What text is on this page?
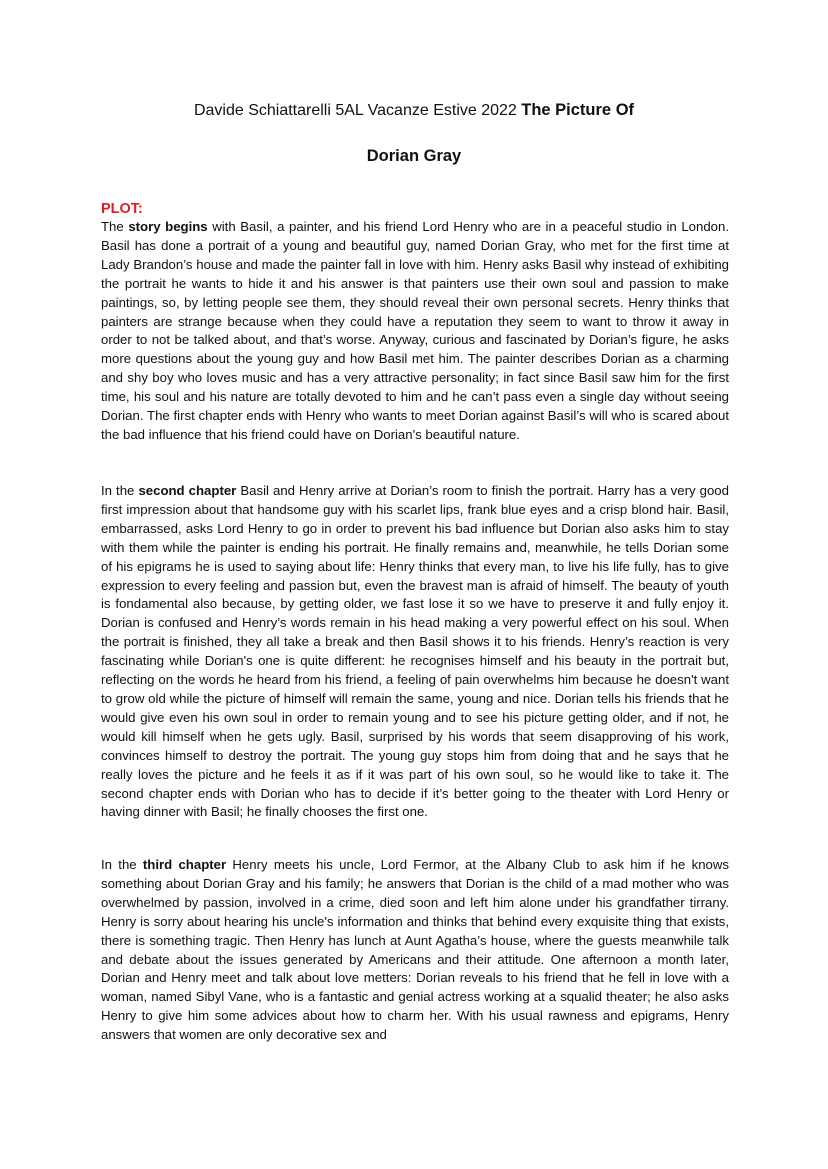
Davide Schiattarelli 5AL Vacanze Estive 2022 The Picture Of
Dorian Gray
PLOT:

The story begins with Basil, a painter, and his friend Lord Henry who are in a peaceful studio in London. Basil has done a portrait of a young and beautiful guy, named Dorian Gray, who met for the first time at Lady Brandon’s house and made the painter fall in love with him. Henry asks Basil why instead of exhibiting the portrait he wants to hide it and his answer is that painters use their own soul and passion to make paintings, so, by letting people see them, they should reveal their own personal secrets. Henry thinks that painters are strange because when they could have a reputation they seem to want to throw it away in order to not be talked about, and that’s worse. Anyway, curious and fascinated by Dorian’s figure, he asks more questions about the young guy and how Basil met him. The painter describes Dorian as a charming and shy boy who loves music and has a very attractive personality; in fact since Basil saw him for the first time, his soul and his nature are totally devoted to him and he can’t pass even a single day without seeing Dorian. The first chapter ends with Henry who wants to meet Dorian against Basil’s will who is scared about the bad influence that his friend could have on Dorian's beautiful nature.

In the second chapter Basil and Henry arrive at Dorian’s room to finish the portrait. Harry has a very good first impression about that handsome guy with his scarlet lips, frank blue eyes and a crisp blond hair. Basil, embarrassed, asks Lord Henry to go in order to prevent his bad influence but Dorian also asks him to stay with them while the painter is ending his portrait. He finally remains and, meanwhile, he tells Dorian some of his epigrams he is used to saying about life: Henry thinks that every man, to live his life fully, has to give expression to every feeling and passion but, even the bravest man is afraid of himself. The beauty of youth is fondamental also because, by getting older, we fast lose it so we have to preserve it and fully enjoy it. Dorian is confused and Henry’s words remain in his head making a very powerful effect on his soul. When the portrait is finished, they all take a break and then Basil shows it to his friends. Henry’s reaction is very fascinating while Dorian's one is quite different: he recognises himself and his beauty in the portrait but, reflecting on the words he heard from his friend, a feeling of pain overwhelms him because he doesn't want to grow old while the picture of himself will remain the same, young and nice. Dorian tells his friends that he would give even his own soul in order to remain young and to see his picture getting older, and if not, he would kill himself when he gets ugly. Basil, surprised by his words that seem disapproving of his work, convinces himself to destroy the portrait. The young guy stops him from doing that and he says that he really loves the picture and he feels it as if it was part of his own soul, so he would like to take it. The second chapter ends with Dorian who has to decide if it’s better going to the theater with Lord Henry or having dinner with Basil; he finally chooses the first one.

In the third chapter Henry meets his uncle, Lord Fermor, at the Albany Club to ask him if he knows something about Dorian Gray and his family; he answers that Dorian is the child of a mad mother who was overwhelmed by passion, involved in a crime, died soon and left him alone under his grandfather tirrany. Henry is sorry about hearing his uncle's information and thinks that behind every exquisite thing that exists, there is something tragic. Then Henry has lunch at Aunt Agatha’s house, where the guests meanwhile talk and debate about the issues generated by Americans and their attitude. One afternoon a month later, Dorian and Henry meet and talk about love metters: Dorian reveals to his friend that he fell in love with a woman, named Sibyl Vane, who is a fantastic and genial actress working at a squalid theater; he also asks Henry to give him some advices about how to charm her. With his usual rawness and epigrams, Henry answers that women are only decorative sex and
